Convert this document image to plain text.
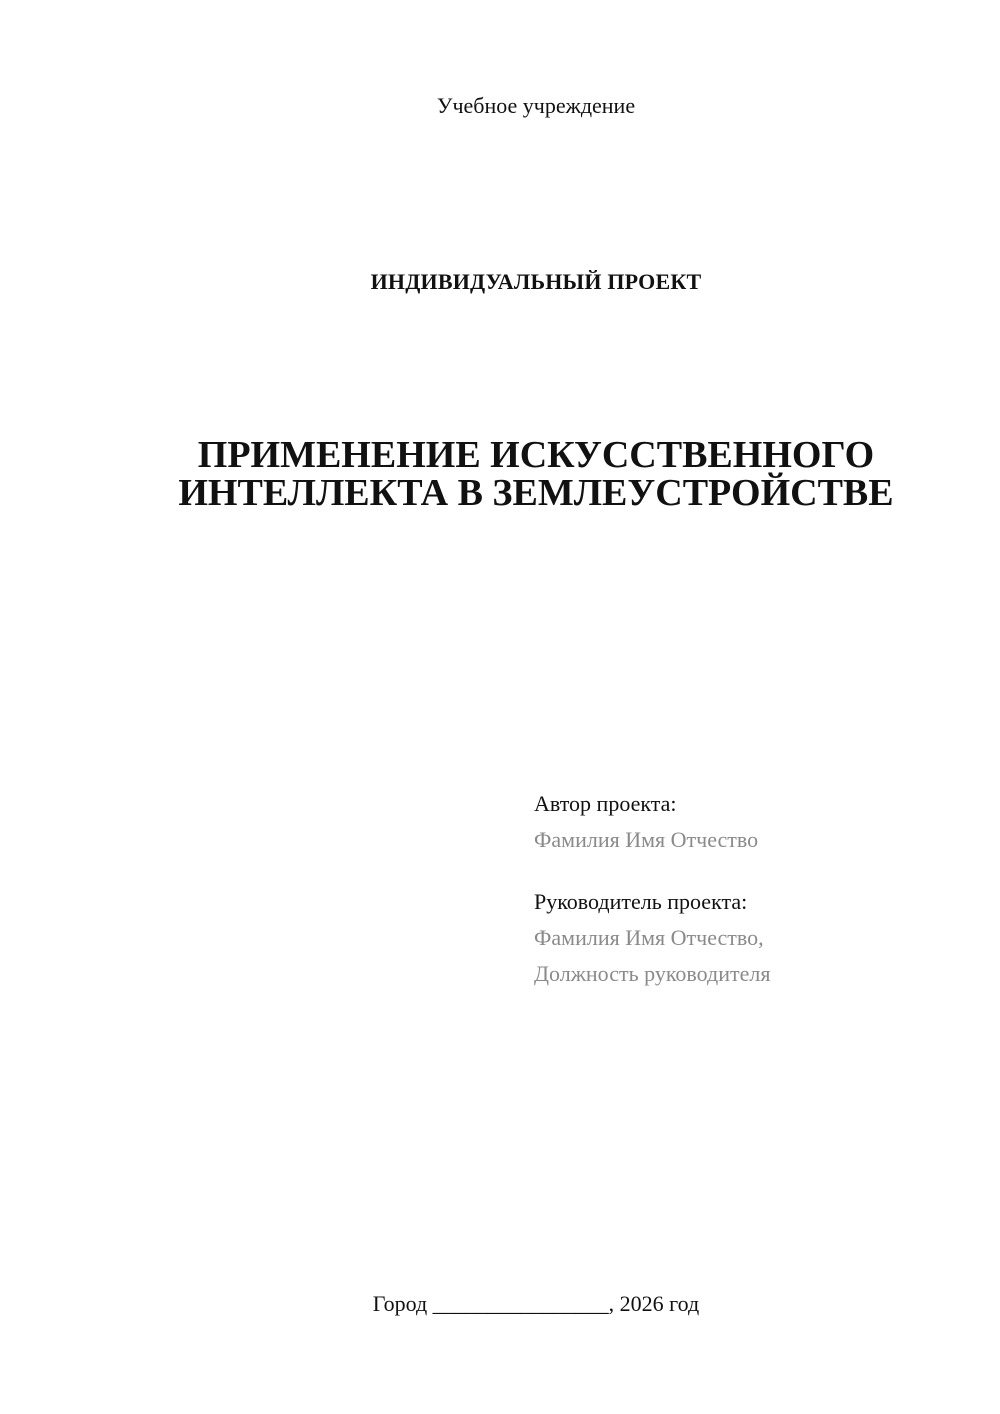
Учебное учреждение
ИНДИВИДУАЛЬНЫЙ ПРОЕКТ
ПРИМЕНЕНИЕ ИСКУССТВЕННОГО
ИНТЕЛЛЕКТА В ЗЕМЛЕУСТРОЙСТВЕ
Автор проекта:
Фамилия Имя Отчество
Руководитель проекта:
Фамилия Имя Отчество,
Должность руководителя
Город ________________, 2026 год
